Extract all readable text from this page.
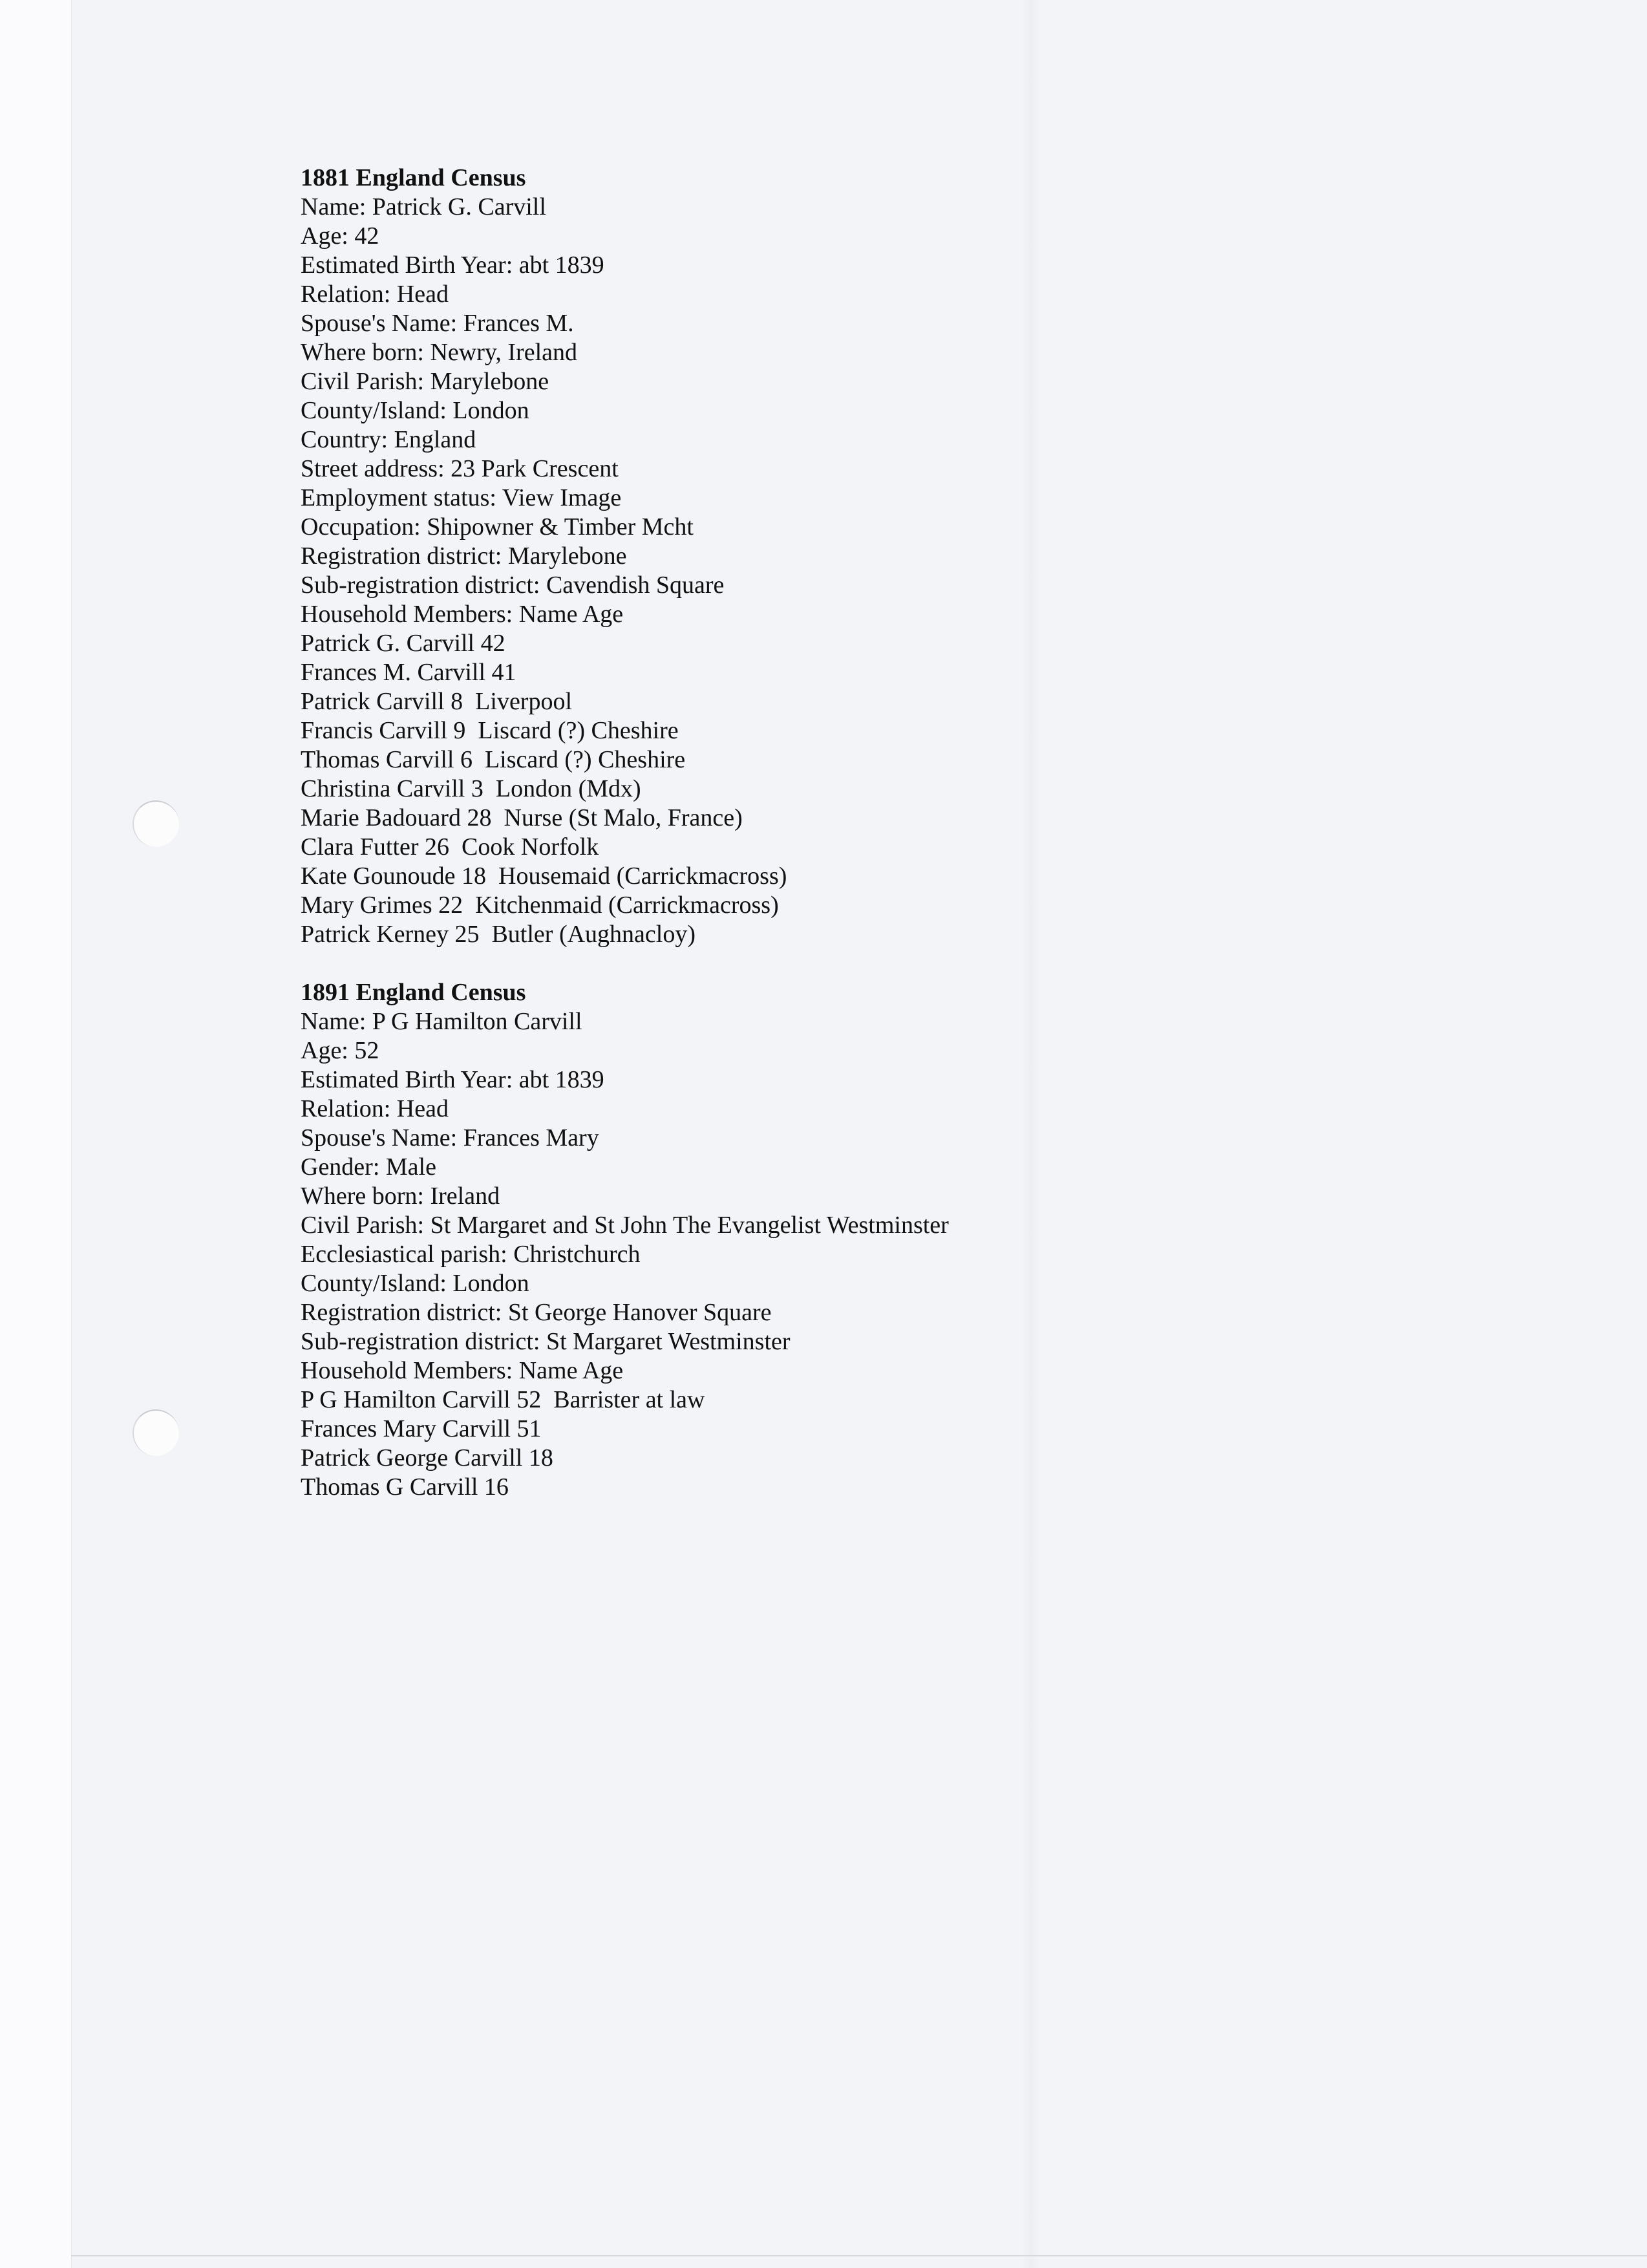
1881 England Census
Name: Patrick G. Carvill
Age: 42
Estimated Birth Year: abt 1839
Relation: Head
Spouse's Name: Frances M.
Where born: Newry, Ireland
Civil Parish: Marylebone
County/Island: London
Country: England
Street address: 23 Park Crescent
Employment status: View Image
Occupation: Shipowner & Timber Mcht
Registration district: Marylebone
Sub-registration district: Cavendish Square
Household Members: Name Age
Patrick G. Carvill 42
Frances M. Carvill 41
Patrick Carvill 8  Liverpool
Francis Carvill 9  Liscard (?) Cheshire
Thomas Carvill 6  Liscard (?) Cheshire
Christina Carvill 3  London (Mdx)
Marie Badouard 28  Nurse (St Malo, France)
Clara Futter 26  Cook Norfolk
Kate Gounoude 18  Housemaid (Carrickmacross)
Mary Grimes 22  Kitchenmaid (Carrickmacross)
Patrick Kerney 25  Butler (Aughnacloy)
1891 England Census
Name: P G Hamilton Carvill
Age: 52
Estimated Birth Year: abt 1839
Relation: Head
Spouse's Name: Frances Mary
Gender: Male
Where born: Ireland
Civil Parish: St Margaret and St John The Evangelist Westminster
Ecclesiastical parish: Christchurch
County/Island: London
Registration district: St George Hanover Square
Sub-registration district: St Margaret Westminster
Household Members: Name Age
P G Hamilton Carvill 52  Barrister at law
Frances Mary Carvill 51
Patrick George Carvill 18
Thomas G Carvill 16
